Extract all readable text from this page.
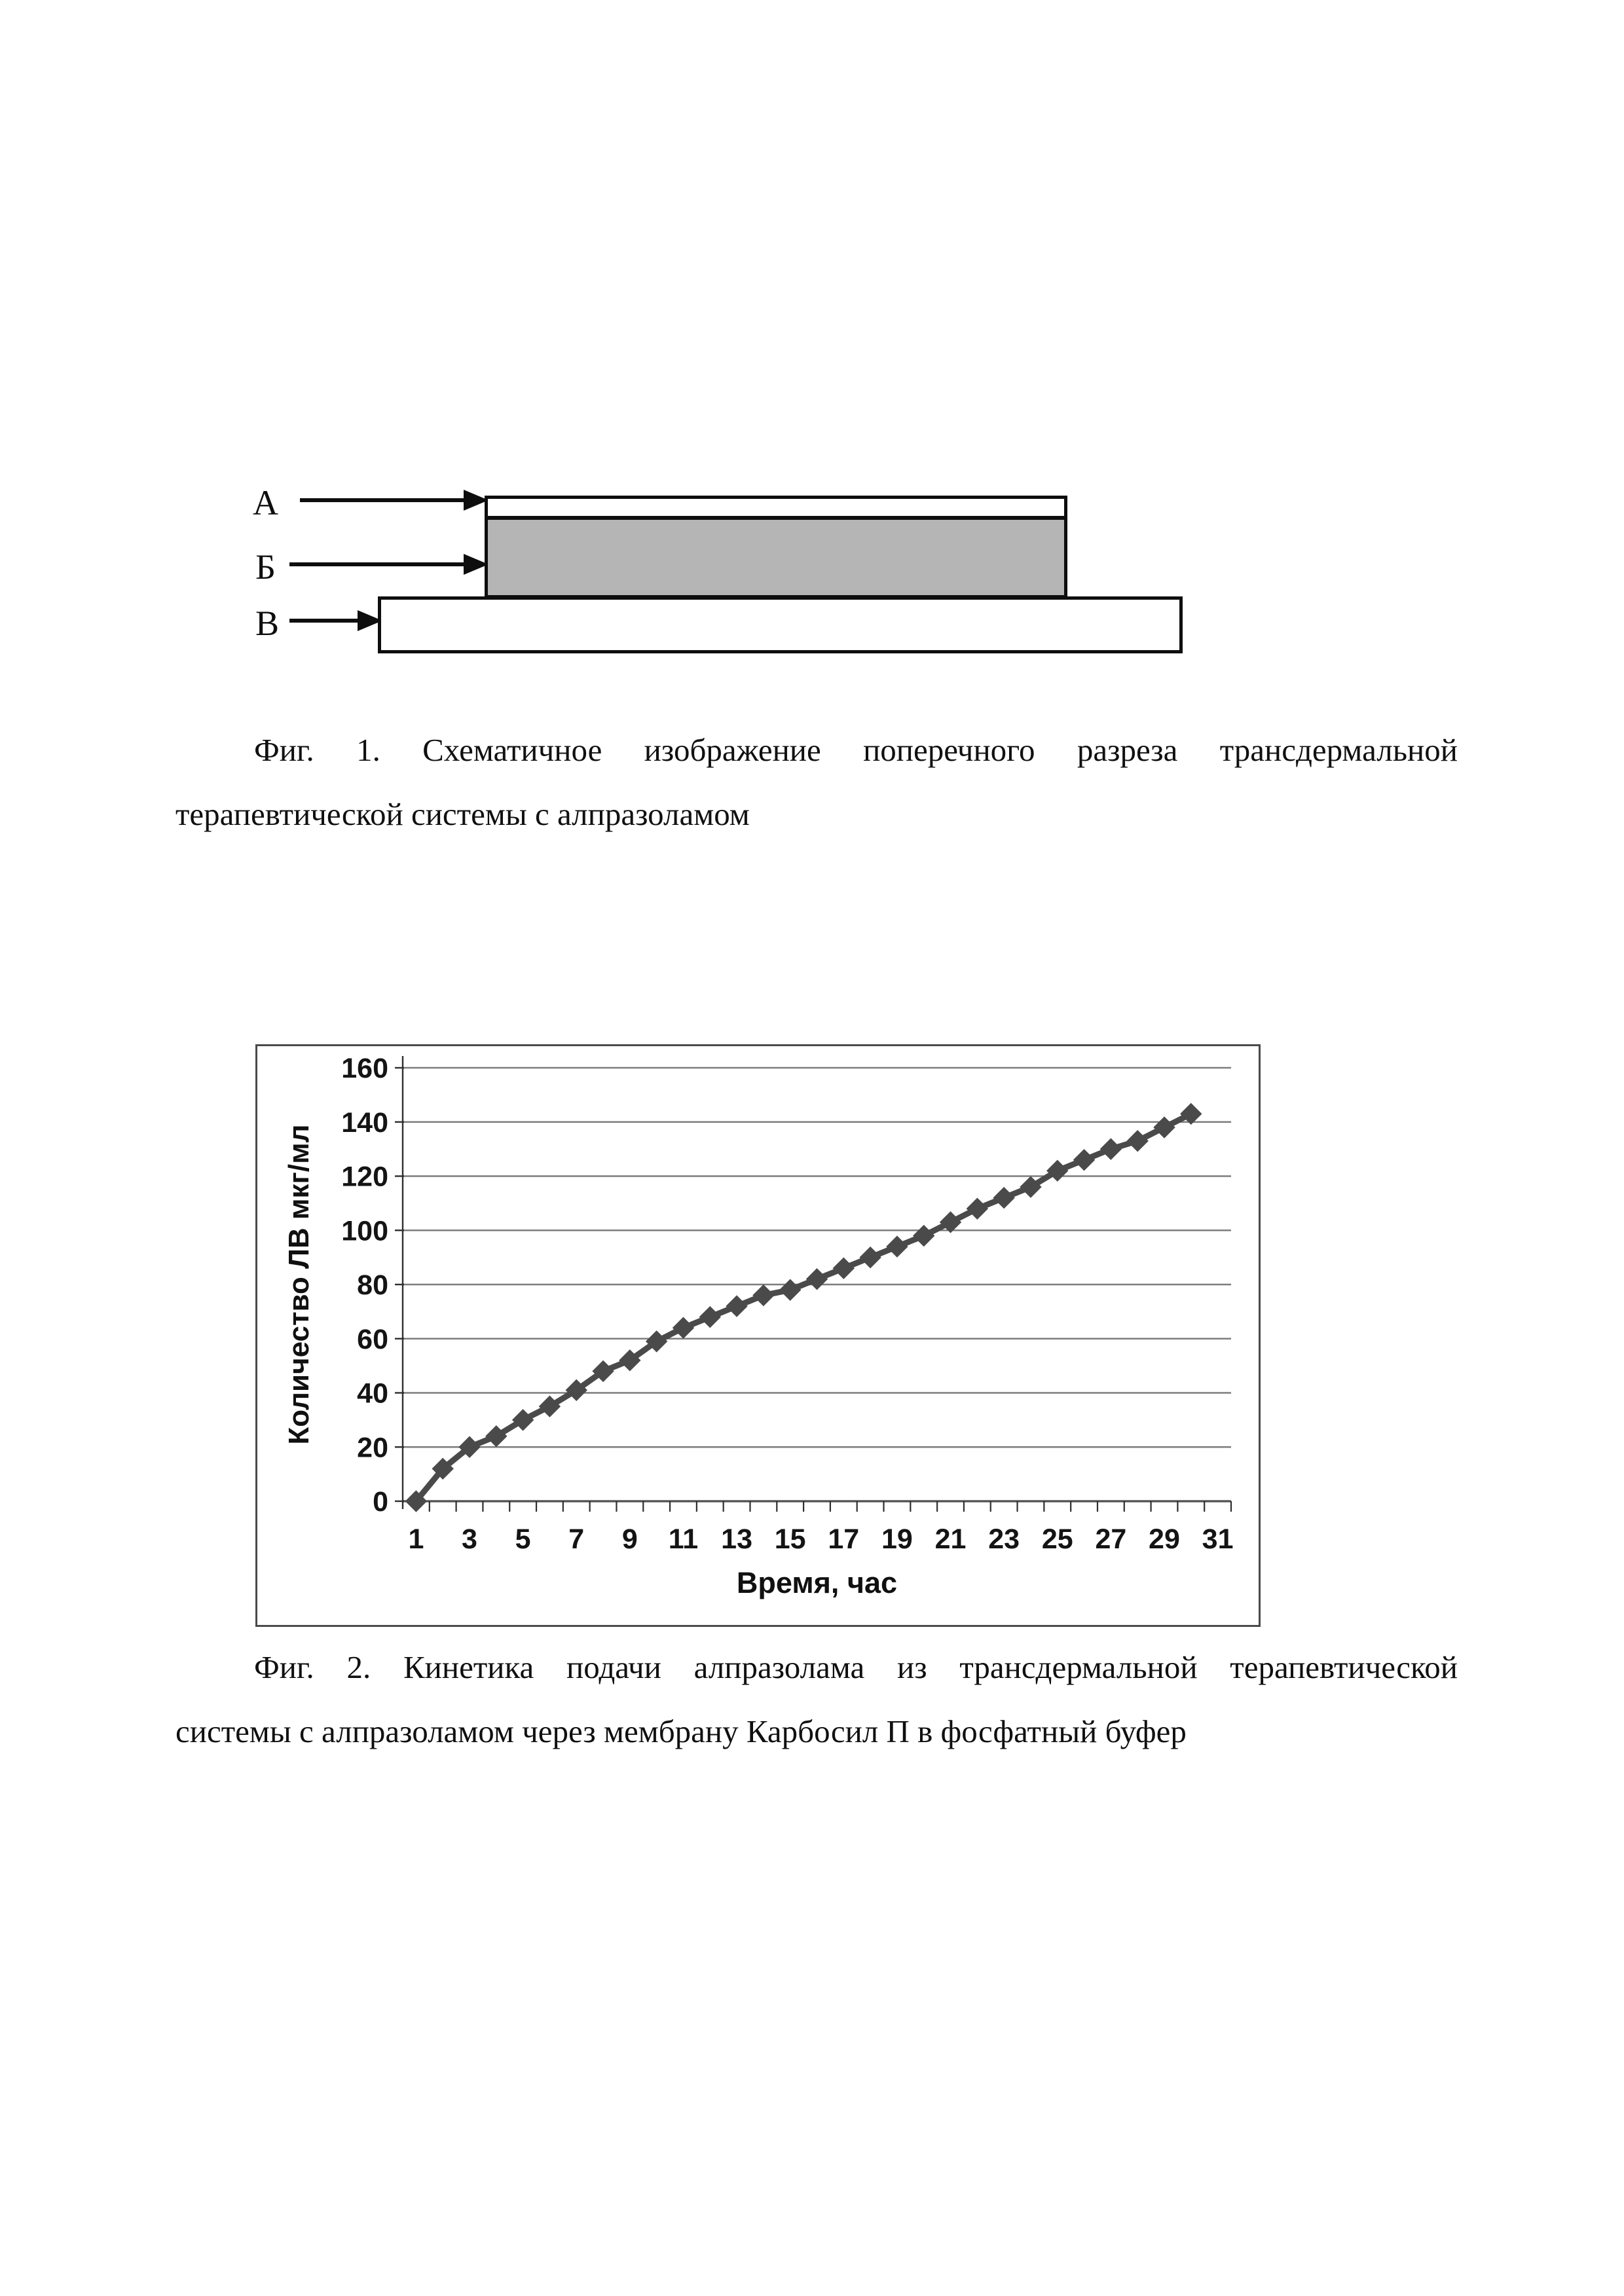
А
Б
В
Фиг. 1. Схематичное изображение поперечного разреза трансдермальной
терапевтической системы с алпразоламом
0
20
40
60
80
100
120
140
160
1 3 5 7 9 11 13 15 17 19 21 23 25 27 29 31
Время, час
Количество ЛВ мкг/мл
Фиг. 2. Кинетика подачи алпразолама из трансдермальной терапевтической
системы с алпразоламом через мембрану Карбосил П в фосфатный буфер
